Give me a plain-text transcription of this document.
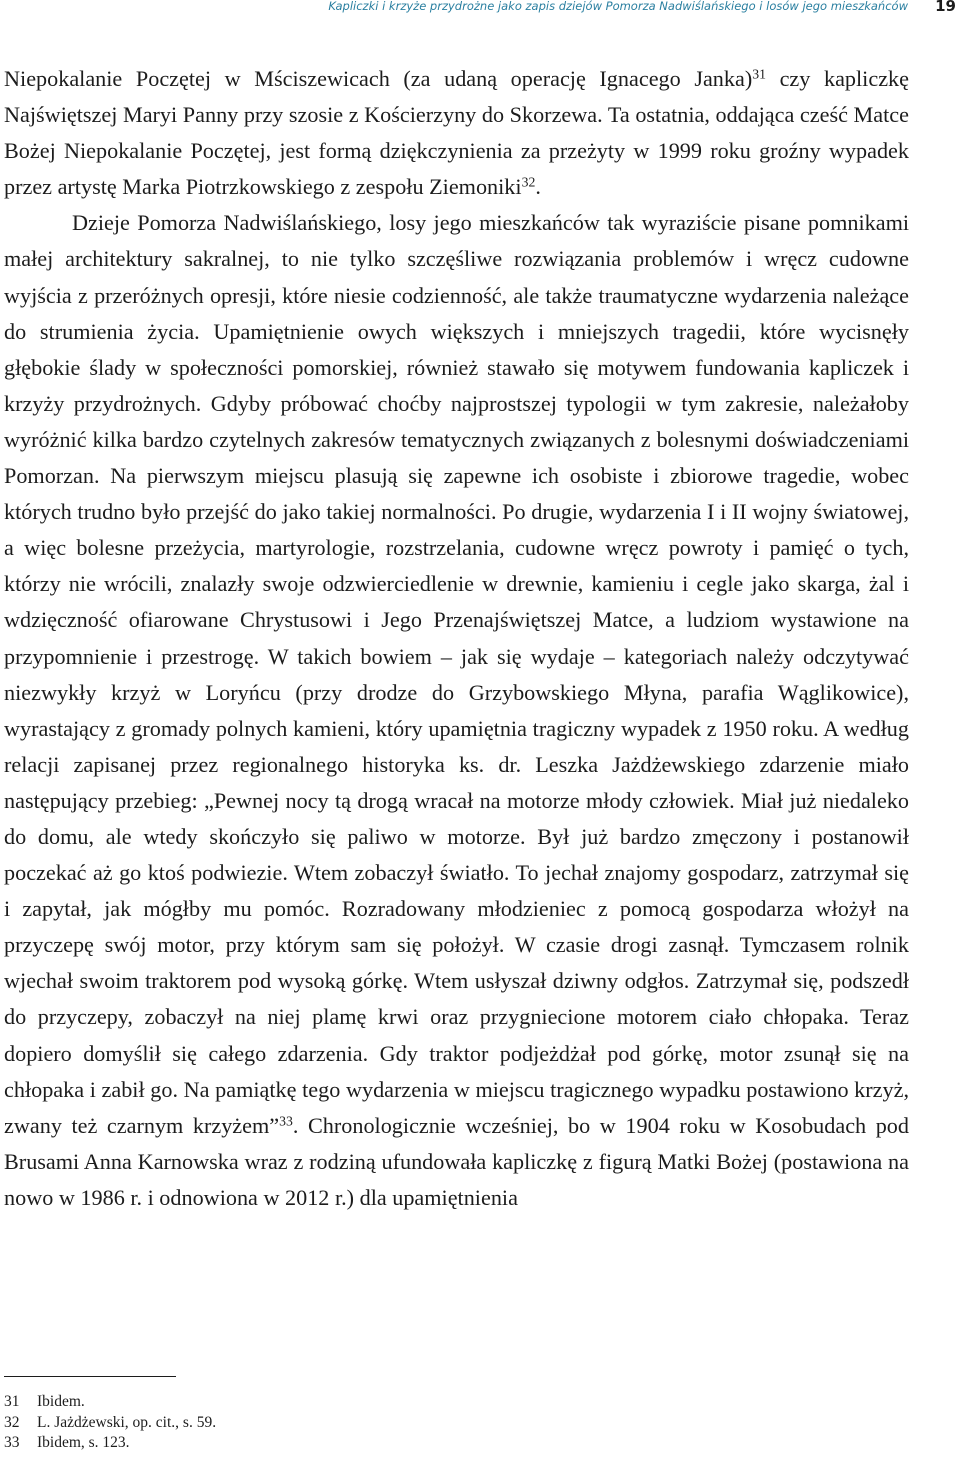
Kapliczki i krzyże przydrożne jako zapis dziejów Pomorza Nadwiślańskiego i losów jego mieszkańców 19

Niepokalanie Poczętej w Mściszewicach (za udaną operację Ignacego Janka)$^{31}$ czy kapliczkę Najświętszej Maryi Panny przy szosie z Kościerzyny do Skorzewa. Ta ostatnia, oddająca cześć Matce Bożej Niepokalanie Poczętej, jest formą dziękczynienia za przeżyty w 1999 roku groźny wypadek przez artystę Marka Piotrzkowskiego z zespołu Ziemoniki$^{32}$.

Dzieje Pomorza Nadwiślańskiego, losy jego mieszkańców tak wyraziście pisane pomnikami małej architektury sakralnej, to nie tylko szczęśliwe rozwiązania problemów i wręcz cudowne wyjścia z przeróżnych opresji, które niesie codzienność, ale także traumatyczne wydarzenia należące do strumienia życia. Upamiętnienie owych większych i mniejszych tragedii, które wycisnęły głębokie ślady w społeczności pomorskiej, również stawało się motywem fundowania kapliczek i krzyży przydrożnych. Gdyby próbować choćby najprostszej typologii w tym zakresie, należałoby wyróżnić kilka bardzo czytelnych zakresów tematycznych związanych z bolesnymi doświadczeniami Pomorzan. Na pierwszym miejscu plasują się zapewne ich osobiste i zbiorowe tragedie, wobec których trudno było przejść do jako takiej normalności. Po drugie, wydarzenia I i II wojny światowej, a więc bolesne przeżycia, martyrologie, rozstrzelania, cudowne wręcz powroty i pamięć o tych, którzy nie wrócili, znalazły swoje odzwierciedlenie w drewnie, kamieniu i cegle jako skarga, żal i wdzięczność ofiarowane Chrystusowi i Jego Przenajświętszej Matce, a ludziom wystawione na przypomnienie i przestrogę. W takich bowiem – jak się wydaje – kategoriach należy odczytywać niezwykły krzyż w Loryńcu (przy drodze do Grzybowskiego Młyna, parafia Wąglikowice), wyrastający z gromady polnych kamieni, który upamiętnia tragiczny wypadek z 1950 roku. A według relacji zapisanej przez regionalnego historyka ks. dr. Leszka Jażdżewskiego zdarzenie miało następujący przebieg: „Pewnej nocy tą drogą wracał na motorze młody człowiek. Miał już niedaleko do domu, ale wtedy skończyło się paliwo w motorze. Był już bardzo zmęczony i postanowił poczekać aż go ktoś podwiezie. Wtem zobaczył światło. To jechał znajomy gospodarz, zatrzymał się i zapytał, jak mógłby mu pomóc. Rozradowany młodzieniec z pomocą gospodarza włożył na przyczepę swój motor, przy którym sam się położył. W czasie drogi zasnął. Tymczasem rolnik wjechał swoim traktorem pod wysoką górkę. Wtem usłyszał dziwny odgłos. Zatrzymał się, podszedł do przyczepy, zobaczył na niej plamę krwi oraz przygniecione motorem ciało chłopaka. Teraz dopiero domyślił się całego zdarzenia. Gdy traktor podjeżdżał pod górkę, motor zsunął się na chłopaka i zabił go. Na pamiątkę tego wydarzenia w miejscu tragicznego wypadku postawiono krzyż, zwany też czarnym krzyżem”$^{33}$. Chronologicznie wcześniej, bo w 1904 roku w Kosobudach pod Brusami Anna Karnowska wraz z rodziną ufundowała kapliczkę z figurą Matki Bożej (postawiona na nowo w 1986 r. i odnowiona w 2012 r.) dla upamiętnienia

31	Ibidem.
32	L. Jażdżewski, op. cit., s. 59.
33	Ibidem, s. 123.
